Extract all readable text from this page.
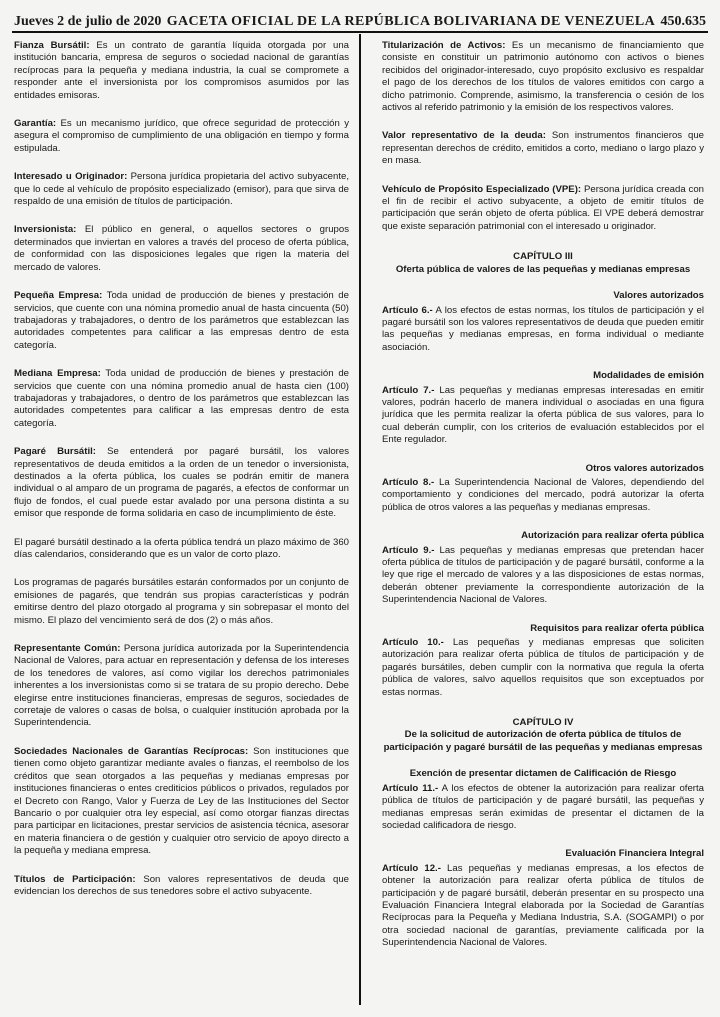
Jueves 2 de julio de 2020 GACETA OFICIAL DE LA REPÚBLICA BOLIVARIANA DE VENEZUELA 450.635

Fianza Bursátil: Es un contrato de garantía líquida otorgada por una institución bancaria, empresa de seguros o sociedad nacional de garantías recíprocas para la pequeña y mediana industria, la cual se compromete a responder ante el inversionista por los compromisos asumidos por las entidades emisoras.

Garantía: Es un mecanismo jurídico, que ofrece seguridad de protección y asegura el compromiso de cumplimiento de una obligación en tiempo y forma estipulada.

Interesado u Originador: Persona jurídica propietaria del activo subyacente, que lo cede al vehículo de propósito especializado (emisor), para que sirva de respaldo de una emisión de títulos de participación.

Inversionista: El público en general, o aquellos sectores o grupos determinados que inviertan en valores a través del proceso de oferta pública, de conformidad con las disposiciones legales que rigen la materia del mercado de valores.

Pequeña Empresa: Toda unidad de producción de bienes y prestación de servicios, que cuente con una nómina promedio anual de hasta cincuenta (50) trabajadoras y trabajadores, o dentro de los parámetros que establezcan las autoridades competentes para calificar a las empresas dentro de esta categoría.

Mediana Empresa: Toda unidad de producción de bienes y prestación de servicios que cuente con una nómina promedio anual de hasta cien (100) trabajadoras y trabajadores, o dentro de los parámetros que establezcan las autoridades competentes para calificar a las empresas dentro de esta categoría.

Pagaré Bursátil: Se entenderá por pagaré bursátil, los valores representativos de deuda emitidos a la orden de un tenedor o inversionista, destinados a la oferta pública, los cuales se podrán emitir de manera individual o al amparo de un programa de pagarés, a efectos de conformar un flujo de fondos, el cual puede estar avalado por una persona distinta a su emisor que responde de forma solidaria en caso de incumplimiento de éste.

El pagaré bursátil destinado a la oferta pública tendrá un plazo máximo de 360 días calendarios, considerando que es un valor de corto plazo.

Los programas de pagarés bursátiles estarán conformados por un conjunto de emisiones de pagarés, que tendrán sus propias características y podrán emitirse dentro del plazo otorgado al programa y sin sobrepasar el monto del mismo. El plazo del vencimiento será de dos (2) o más años.

Representante Común: Persona jurídica autorizada por la Superintendencia Nacional de Valores, para actuar en representación y defensa de los intereses de los tenedores de valores, así como vigilar los derechos patrimoniales inherentes a los inversionistas como si se tratara de su propio derecho. Debe elegirse entre instituciones financieras, empresas de seguros, sociedades de corretaje de valores o casas de bolsa, o cualquier institución aprobada por la Superintendencia.

Sociedades Nacionales de Garantías Recíprocas: Son instituciones que tienen como objeto garantizar mediante avales o fianzas, el reembolso de los créditos que sean otorgados a las pequeñas y medianas empresas por instituciones financieras o entes crediticios públicos o privados, regulados por el Decreto con Rango, Valor y Fuerza de Ley de las Instituciones del Sector Bancario o por cualquier otra ley especial, así como otorgar fianzas directas para participar en licitaciones, prestar servicios de asistencia técnica, asesorar en materia financiera o de gestión y cualquier otro servicio de apoyo directo a la pequeña y mediana empresa.

Títulos de Participación: Son valores representativos de deuda que evidencian los derechos de sus tenedores sobre el activo subyacente.

Titularización de Activos: Es un mecanismo de financiamiento que consiste en constituir un patrimonio autónomo con activos o bienes recibidos del originador-interesado, cuyo propósito exclusivo es respaldar el pago de los derechos de los títulos de valores emitidos con cargo a dicho patrimonio. Comprende, asimismo, la transferencia o cesión de los activos al referido patrimonio y la emisión de los respectivos valores.

Valor representativo de la deuda: Son instrumentos financieros que representan derechos de crédito, emitidos a corto, mediano o largo plazo y en masa.

Vehículo de Propósito Especializado (VPE): Persona jurídica creada con el fin de recibir el activo subyacente, a objeto de emitir títulos de participación que serán objeto de oferta pública. El VPE deberá demostrar que existe separación patrimonial con el interesado u originador.

CAPÍTULO III
Oferta pública de valores de las pequeñas y medianas empresas
Valores autorizados

Artículo 6.- A los efectos de estas normas, los títulos de participación y el pagaré bursátil son los valores representativos de deuda que pueden emitir las pequeñas y medianas empresas, en forma individual o mediante asociación.

Modalidades de emisión

Artículo 7.- Las pequeñas y medianas empresas interesadas en emitir valores, podrán hacerlo de manera individual o asociadas en una figura jurídica que les permita realizar la oferta pública de sus valores, para lo cual deberán cumplir, con los criterios de evaluación establecidos por el Ente regulador.

Otros valores autorizados

Artículo 8.- La Superintendencia Nacional de Valores, dependiendo del comportamiento y condiciones del mercado, podrá autorizar la oferta pública de otros valores a las pequeñas y medianas empresas.

Autorización para realizar oferta pública

Artículo 9.- Las pequeñas y medianas empresas que pretendan hacer oferta pública de títulos de participación y de pagaré bursátil, conforme a la ley que rige el mercado de valores y a las disposiciones de estas normas, deberán obtener previamente la correspondiente autorización de la Superintendencia Nacional de Valores.

Requisitos para realizar oferta pública

Artículo 10.- Las pequeñas y medianas empresas que soliciten autorización para realizar oferta pública de títulos de participación y de pagarés bursátiles, deben cumplir con la normativa que regula la oferta pública de valores, salvo aquellos requisitos que son exceptuados por estas normas.

CAPÍTULO IV
De la solicitud de autorización de oferta pública de títulos de participación y pagaré bursátil de las pequeñas y medianas empresas
Exención de presentar dictamen de Calificación de Riesgo

Artículo 11.- A los efectos de obtener la autorización para realizar oferta pública de títulos de participación y de pagaré bursátil, las pequeñas y medianas empresas serán eximidas de presentar el dictamen de la sociedad calificadora de riesgo.

Evaluación Financiera Integral

Artículo 12.- Las pequeñas y medianas empresas, a los efectos de obtener la autorización para realizar oferta pública de títulos de participación y de pagaré bursátil, deberán presentar en su prospecto una Evaluación Financiera Integral elaborada por la Sociedad de Garantías Recíprocas para la Pequeña y Mediana Industria, S.A. (SOGAMPI) o por otra sociedad nacional de garantías, previamente calificada por la Superintendencia Nacional de Valores.
